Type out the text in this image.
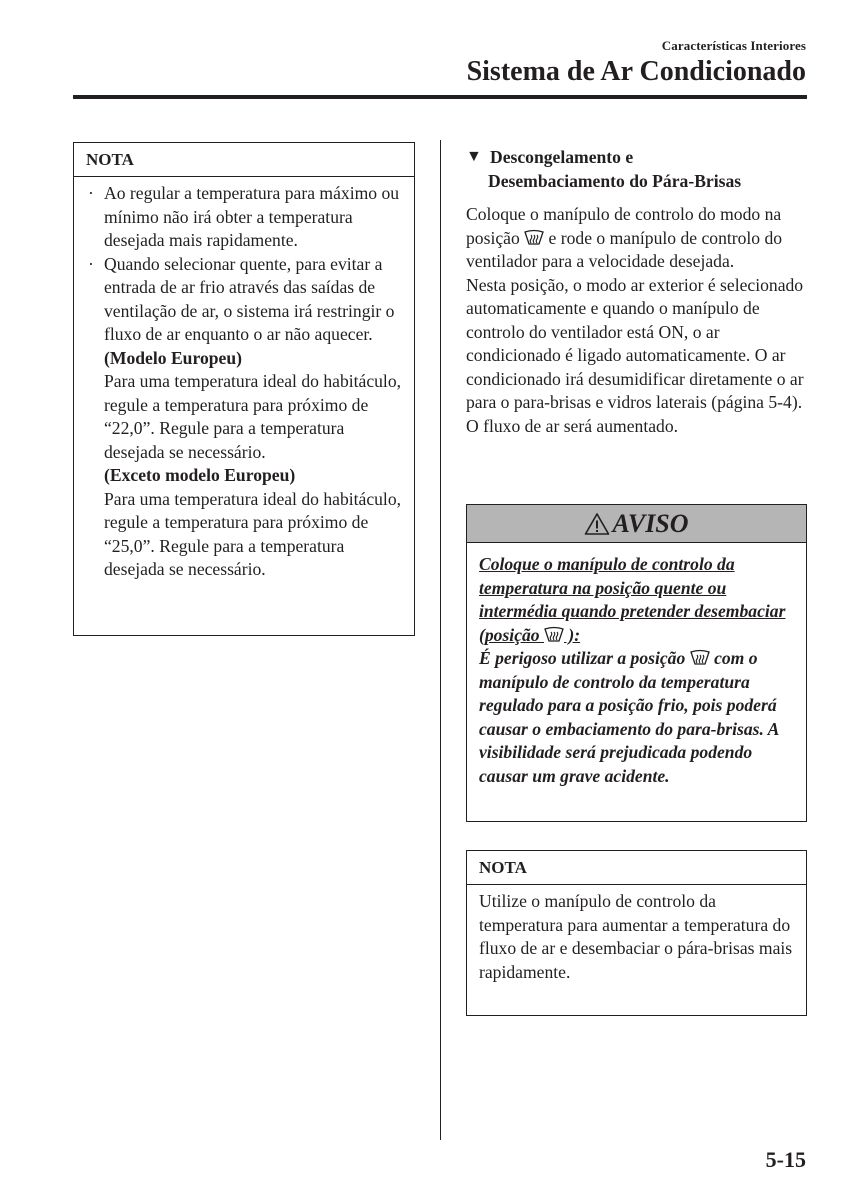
Características Interiores
Sistema de Ar Condicionado
NOTA
· Ao regular a temperatura para máximo ou mínimo não irá obter a temperatura desejada mais rapidamente.
· Quando selecionar quente, para evitar a entrada de ar frio através das saídas de ventilação de ar, o sistema irá restringir o fluxo de ar enquanto o ar não aquecer.
(Modelo Europeu)
Para uma temperatura ideal do habitáculo, regule a temperatura para próximo de “22,0”. Regule para a temperatura desejada se necessário.
(Exceto modelo Europeu)
Para uma temperatura ideal do habitáculo, regule a temperatura para próximo de “25,0”. Regule para a temperatura desejada se necessário.
▼ Descongelamento e
Desembaciamento do Pára-Brisas
Coloque o manípulo de controlo do modo na posição  e rode o manípulo de controlo do ventilador para a velocidade desejada.
Nesta posição, o modo ar exterior é selecionado automaticamente e quando o manípulo de controlo do ventilador está ON, o ar condicionado é ligado automaticamente. O ar condicionado irá desumidificar diretamente o ar para o para-brisas e vidros laterais (página 5-4). O fluxo de ar será aumentado.
AVISO
Coloque o manípulo de controlo da temperatura na posição quente ou intermédia quando pretender desembaciar (posição  ):
É perigoso utilizar a posição  com o manípulo de controlo da temperatura regulado para a posição frio, pois poderá causar o embaciamento do para-brisas. A visibilidade será prejudicada podendo causar um grave acidente.
NOTA
Utilize o manípulo de controlo da temperatura para aumentar a temperatura do fluxo de ar e desembaciar o pára-brisas mais rapidamente.
5-15
